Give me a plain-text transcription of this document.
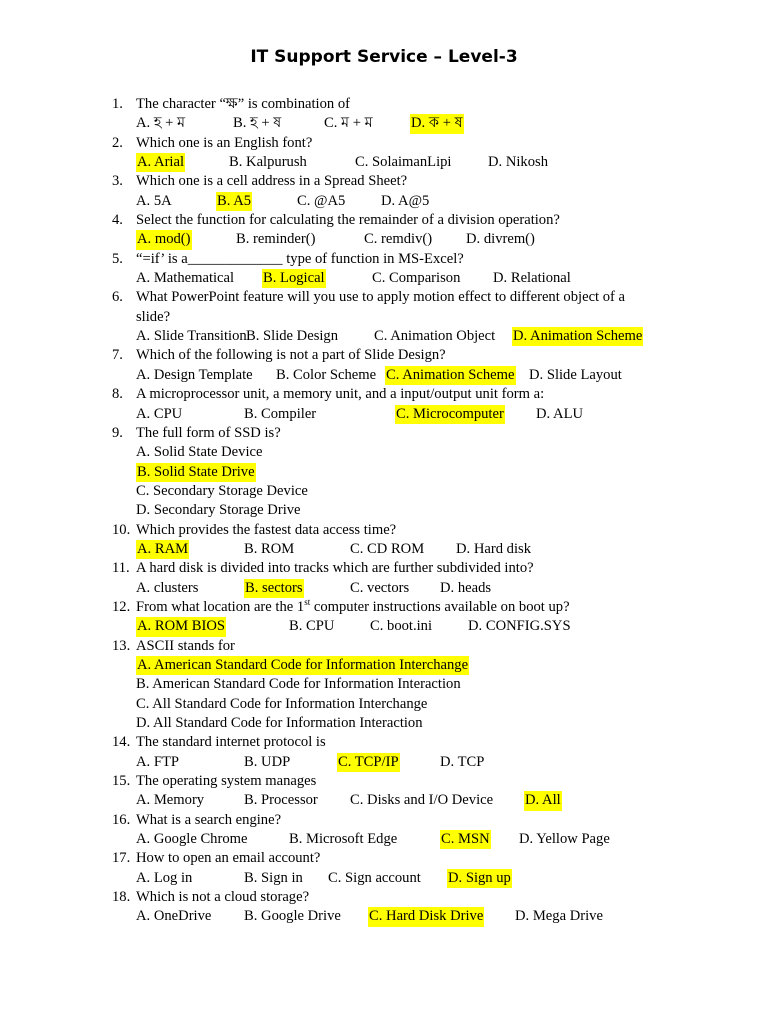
IT Support Service – Level-3
1. The character “ক্ষ” is combination of
A. হ + ম	B. হ + ষ	C. ম + ম	D. ক + ষ
2. Which one is an English font?
A. Arial	B. Kalpurush	C. SolaimanLipi	D. Nikosh
3. Which one is a cell address in a Spread Sheet?
A. 5A	B. A5	C. @A5 D. A@5
4. Select the function for calculating the remainder of a division operation?
A. mod()	B. reminder()	C. remdiv() D. divrem()
5. “=if’ is a_____________ type of function in MS-Excel?
A. Mathematical B. Logical	C. Comparison D. Relational
6. What PowerPoint feature will you use to apply motion effect to different object of a
slide?
A. Slide Transition B. Slide Design C. Animation Object D. Animation Scheme
7. Which of the following is not a part of Slide Design?
A. Design Template B. Color Scheme C. Animation Scheme D. Slide Layout
8. A microprocessor unit, a memory unit, and a input/output unit form a:
A. CPU	B. Compiler	C. Microcomputer D. ALU
9. The full form of SSD is?
A. Solid State Device
B. Solid State Drive
C. Secondary Storage Device
D. Secondary Storage Drive
10. Which provides the fastest data access time?
A. RAM	B. ROM	C. CD ROM D. Hard disk
11. A hard disk is divided into tracks which are further subdivided into?
A. clusters	B. sectors	C. vectors D. heads
12. From what location are the 1st computer instructions available on boot up?
A. ROM BIOS	B. CPU C. boot.ini D. CONFIG.SYS
13. ASCII stands for
A. American Standard Code for Information Interchange
B. American Standard Code for Information Interaction
C. All Standard Code for Information Interchange
D. All Standard Code for Information Interaction
14. The standard internet protocol is
A. FTP	B. UDP	C. TCP/IP	D. TCP
15. The operating system manages
A. Memory	B. Processor C. Disks and I/O Device D. All
16. What is a search engine?
A. Google Chrome	B. Microsoft Edge	C. MSN D. Yellow Page
17. How to open an email account?
A. Log in	B. Sign in C. Sign account D. Sign up
18. Which is not a cloud storage?
A. OneDrive B. Google Drive C. Hard Disk Drive D. Mega Drive
